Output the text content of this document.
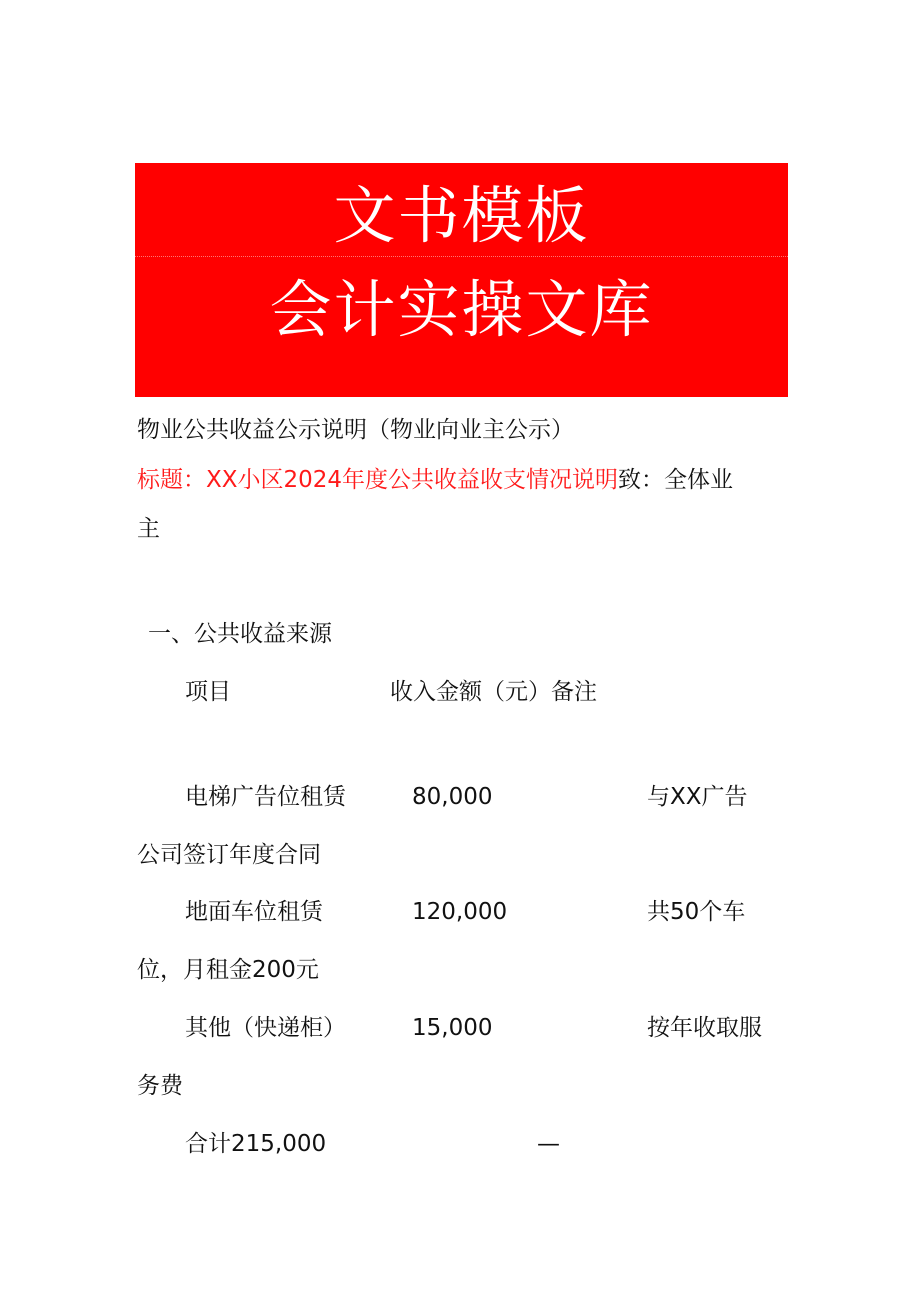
文书模板
会计实操文库
物业公共收益公示说明（物业向业主公示）
标题：XX小区2024年度公共收益收支情况说明致：全体业
主
一、公共收益来源
项目	收入金额（元）备注
电梯广告位租赁	80,000	与XX广告
公司签订年度合同
地面车位租赁	120,000	共50个车
位，月租金200元
其他（快递柜）	15,000	按年收取服
务费
合计215,000	—
